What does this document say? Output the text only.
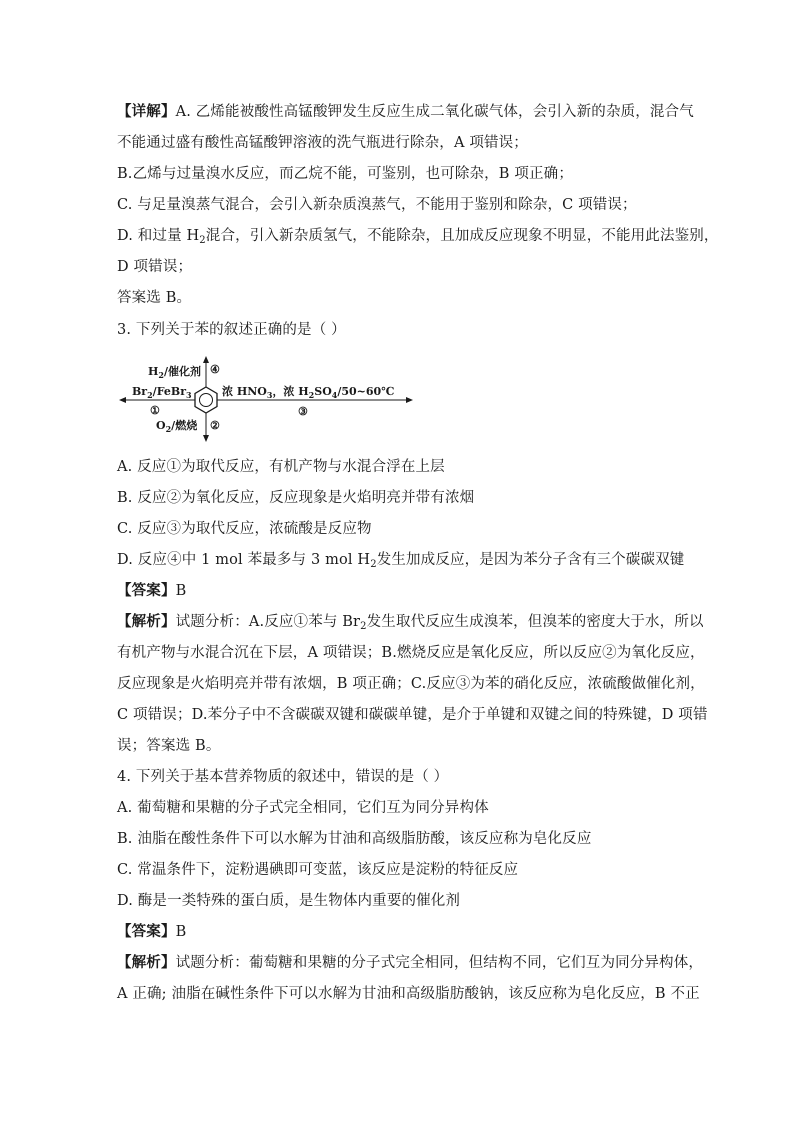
【详解】A. 乙烯能被酸性高锰酸钾发生反应生成二氧化碳气体，会引入新的杂质，混合气
不能通过盛有酸性高锰酸钾溶液的洗气瓶进行除杂，A 项错误；
B.乙烯与过量溴水反应，而乙烷不能，可鉴别，也可除杂，B 项正确；
C. 与足量溴蒸气混合，会引入新杂质溴蒸气，不能用于鉴别和除杂，C 项错误；
D. 和过量 $H_2$混合，引入新杂质氢气，不能除杂，且加成反应现象不明显，不能用此法鉴别，
D 项错误；
答案选 B。
3. 下列关于苯的叙述正确的是（ ）
$H_2/$催化剂 ④
$Br_2/FeBr_3$
①
$O_2/$燃烧 ②
浓 $HNO_3$，浓 $H_2SO_4/50\sim 60℃$
③
A. 反应①为取代反应，有机产物与水混合浮在上层
B. 反应②为氧化反应，反应现象是火焰明亮并带有浓烟
C. 反应③为取代反应，浓硫酸是反应物
D. 反应④中 1 mol 苯最多与 3 mol $H_2$发生加成反应，是因为苯分子含有三个碳碳双键
【答案】B
【解析】试题分析：A.反应①苯与 $Br_2$发生取代反应生成溴苯，但溴苯的密度大于水，所以
有机产物与水混合沉在下层，A 项错误；B.燃烧反应是氧化反应，所以反应②为氧化反应，
反应现象是火焰明亮并带有浓烟，B 项正确；C.反应③为苯的硝化反应，浓硫酸做催化剂，
C 项错误；D.苯分子中不含碳碳双键和碳碳单键，是介于单键和双键之间的特殊键，D 项错
误；答案选 B。
4. 下列关于基本营养物质的叙述中，错误的是（ ）
A. 葡萄糖和果糖的分子式完全相同，它们互为同分异构体
B. 油脂在酸性条件下可以水解为甘油和高级脂肪酸，该反应称为皂化反应
C. 常温条件下，淀粉遇碘即可变蓝，该反应是淀粉的特征反应
D. 酶是一类特殊的蛋白质，是生物体内重要的催化剂
【答案】B
【解析】试题分析：葡萄糖和果糖的分子式完全相同，但结构不同，它们互为同分异构体，
A 正确; 油脂在碱性条件下可以水解为甘油和高级脂肪酸钠，该反应称为皂化反应，B 不正
